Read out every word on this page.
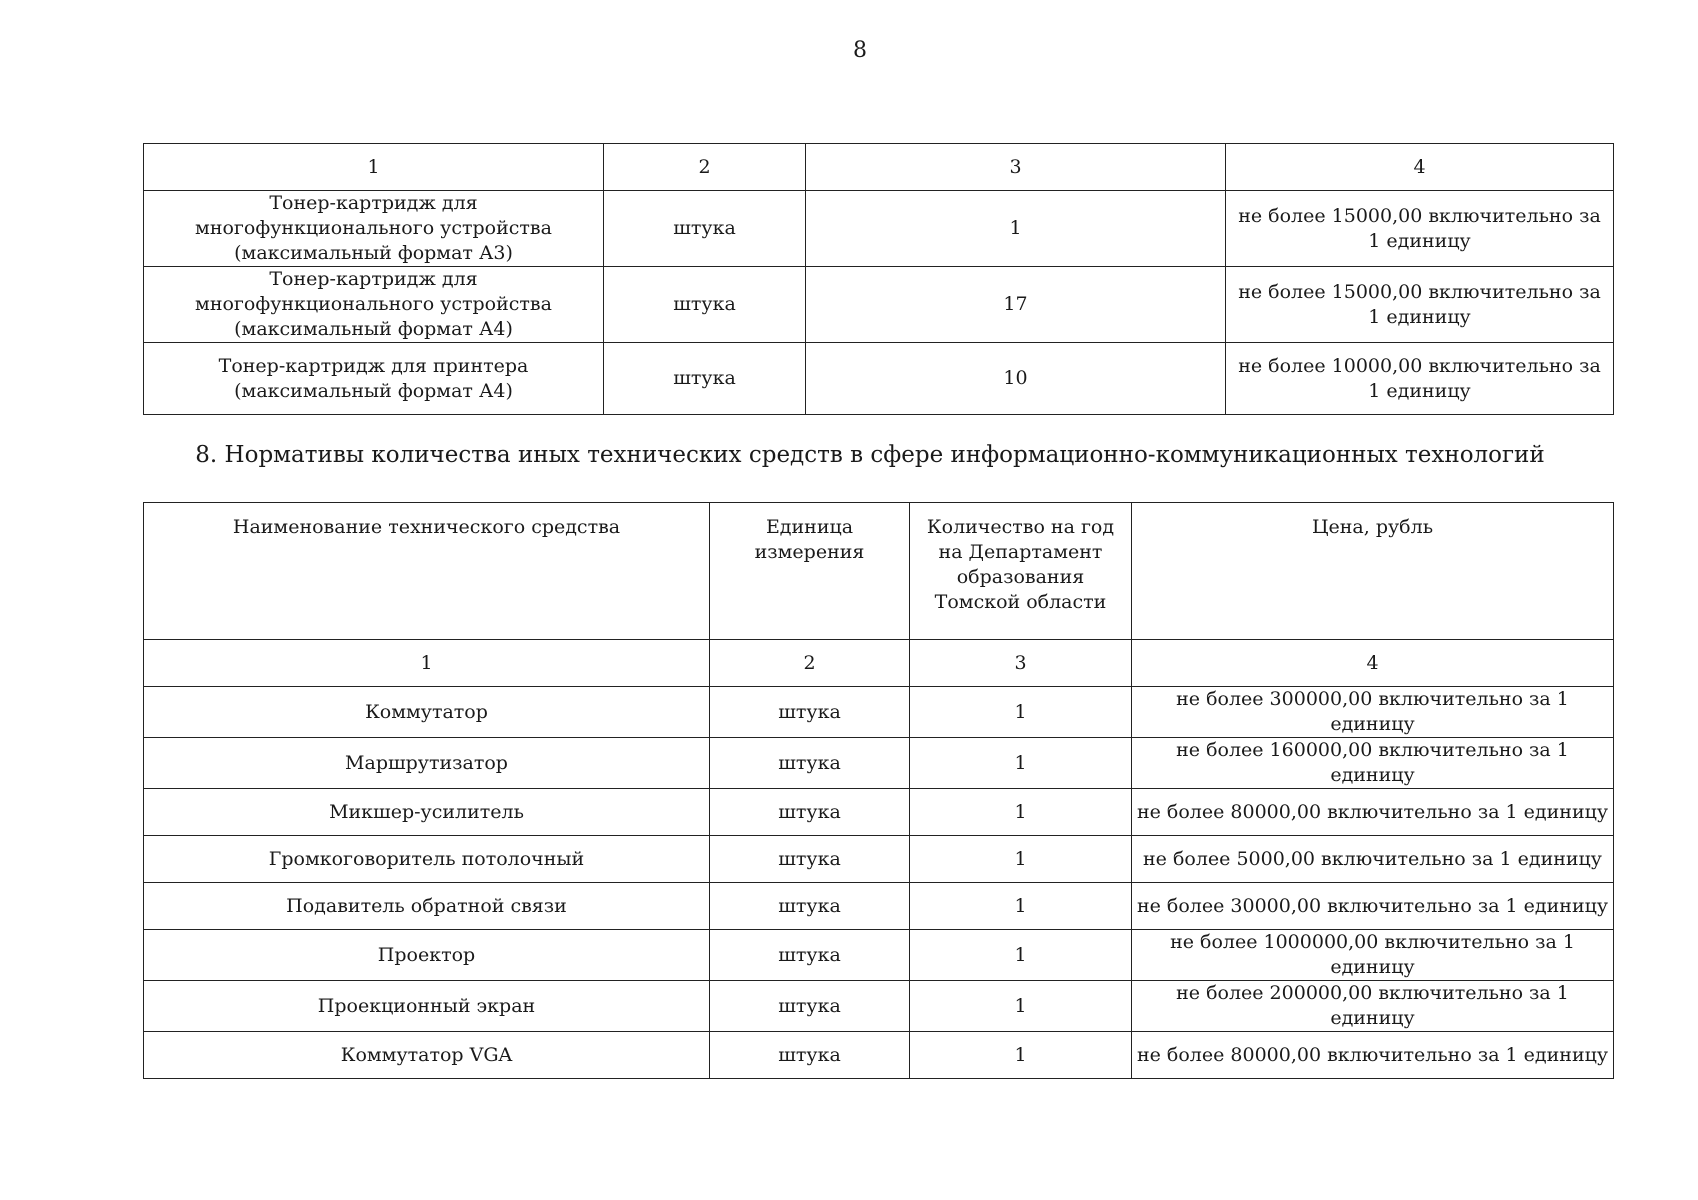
8
1	2	3	4
Тонер-картридж для многофункционального устройства (максимальный формат А3)	штука	1	не более 15000,00 включительно за 1 единицу
Тонер-картридж для многофункционального устройства (максимальный формат А4)	штука	17	не более 15000,00 включительно за 1 единицу
Тонер-картридж для принтера (максимальный формат А4)	штука	10	не более 10000,00 включительно за 1 единицу
8. Нормативы количества иных технических средств в сфере информационно-коммуникационных технологий
Наименование технического средства	Единица измерения	Количество на год на Департамент образования Томской области	Цена, рубль
1	2	3	4
Коммутатор	штука	1	не более 300000,00 включительно за 1 единицу
Маршрутизатор	штука	1	не более 160000,00 включительно за 1 единицу
Микшер-усилитель	штука	1	не более 80000,00 включительно за 1 единицу
Громкоговоритель потолочный	штука	1	не более 5000,00 включительно за 1 единицу
Подавитель обратной связи	штука	1	не более 30000,00 включительно за 1 единицу
Проектор	штука	1	не более 1000000,00 включительно за 1 единицу
Проекционный экран	штука	1	не более 200000,00 включительно за 1 единицу
Коммутатор VGA	штука	1	не более 80000,00 включительно за 1 единицу
